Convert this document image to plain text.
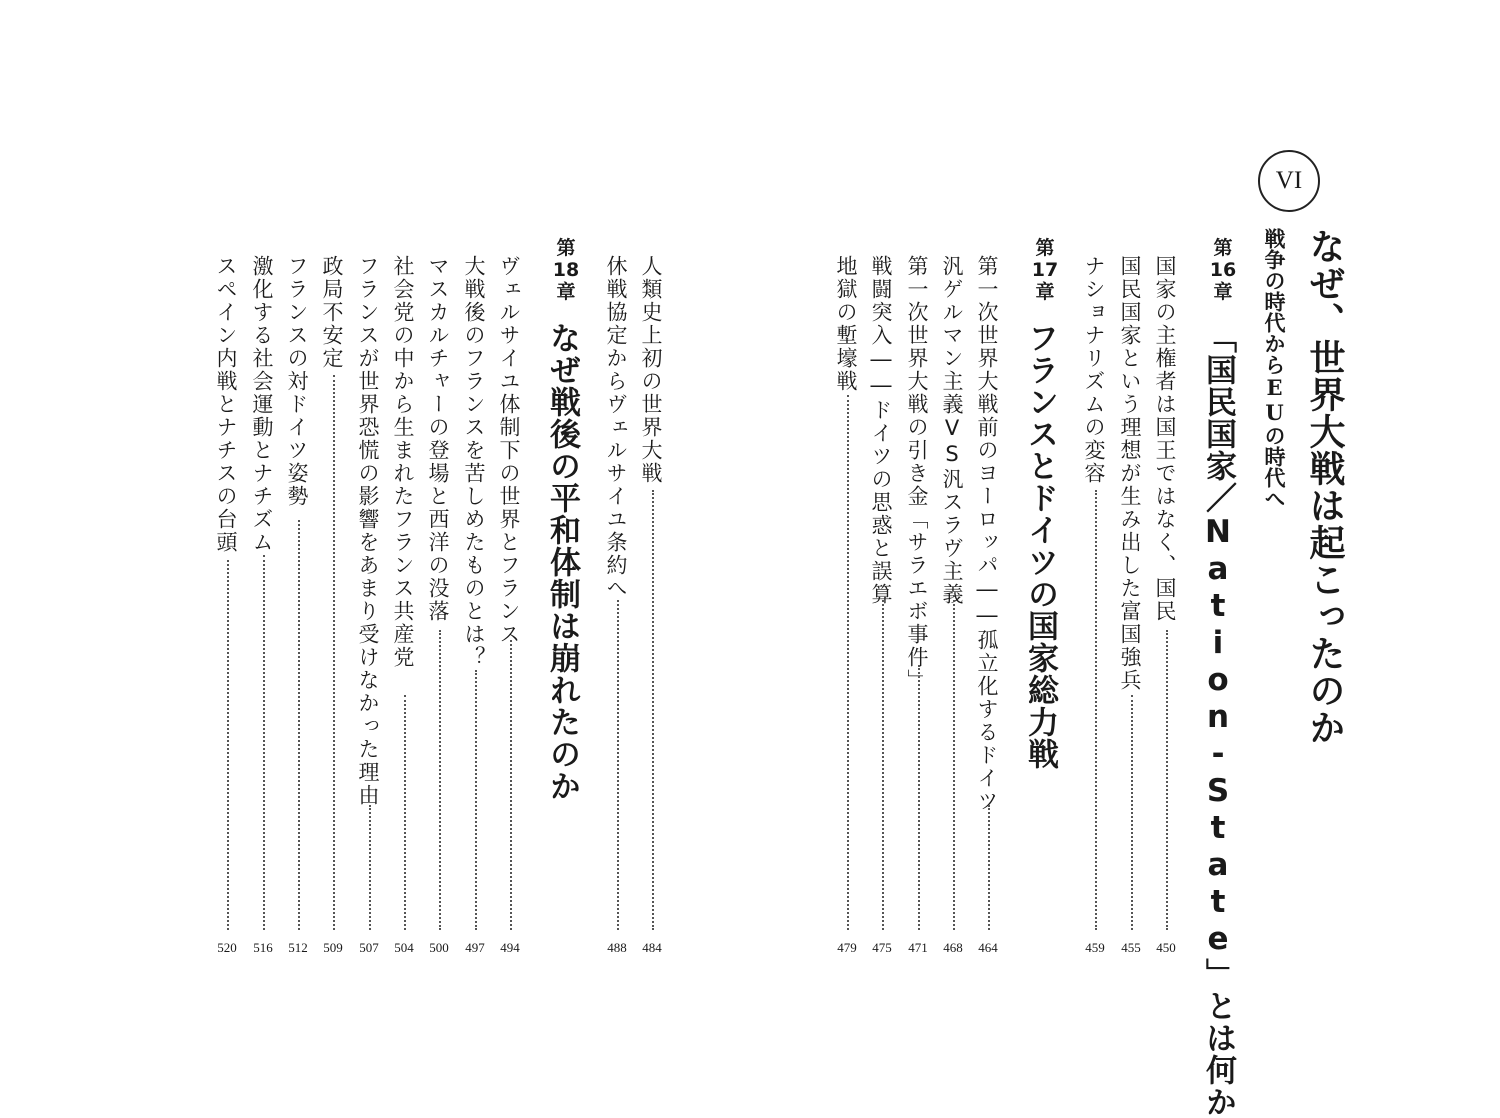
VI
なぜ、世界大戦は起こったのか
戦争の時代からEUの時代へ
第16章
「国民国家／Nation-State」とは何か
国家の主権者は国王ではなく、国民
450
国民国家という理想が生み出した富国強兵
455
ナショナリズムの変容
459
第17章
フランスとドイツの国家総力戦
第一次世界大戦前のヨーロッパ――孤立化するドイツ
464
汎ゲルマン主義VS汎スラヴ主義
468
第一次世界大戦の引き金「サラエボ事件」
471
戦闘突入――ドイツの思惑と誤算
475
地獄の塹壕戦
479
人類史上初の世界大戦
484
休戦協定からヴェルサイユ条約へ
488
第18章
なぜ戦後の平和体制は崩れたのか
ヴェルサイユ体制下の世界とフランス
494
大戦後のフランスを苦しめたものとは？
497
マスカルチャーの登場と西洋の没落
500
社会党の中から生まれたフランス共産党
504
フランスが世界恐慌の影響をあまり受けなかった理由
507
政局不安定
509
フランスの対ドイツ姿勢
512
激化する社会運動とナチズム
516
スペイン内戦とナチスの台頭
520
